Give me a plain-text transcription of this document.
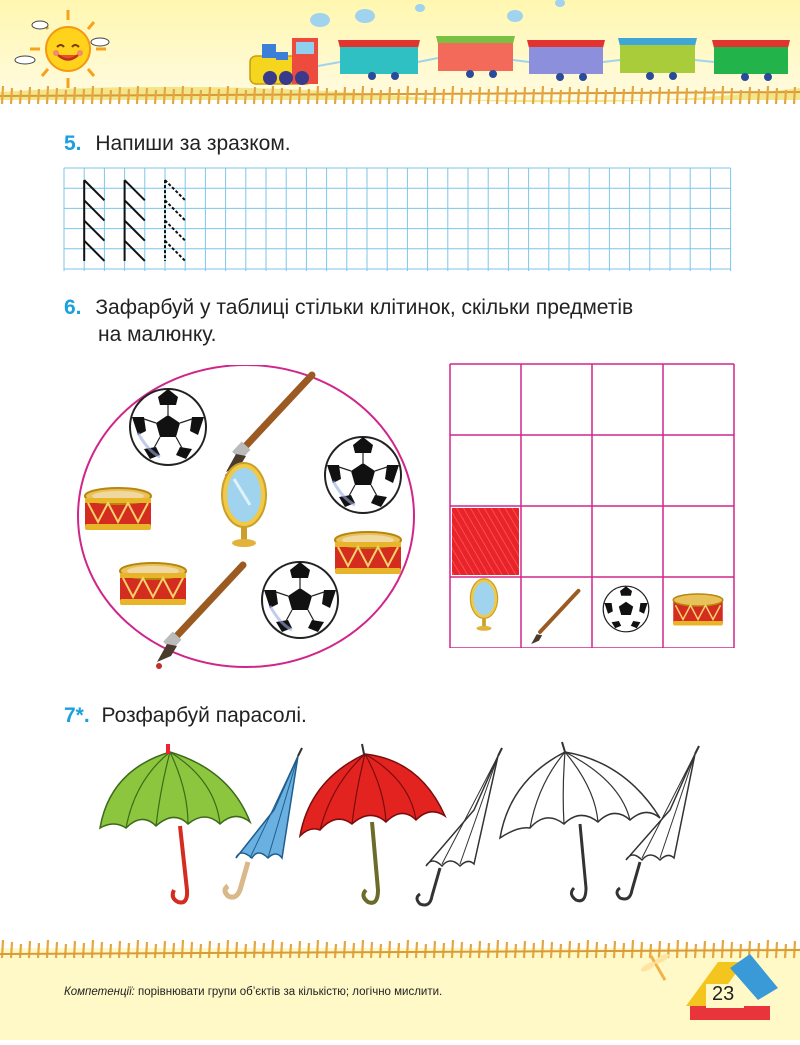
5. Напиши за зразком.
6. Зафарбуй у таблиці стільки клітинок, скільки предметів
на малюнку.
7*. Розфарбуй парасолі.
23
Компетенції: порівнювати групи об’єктів за кількістю; логічно мислити.
